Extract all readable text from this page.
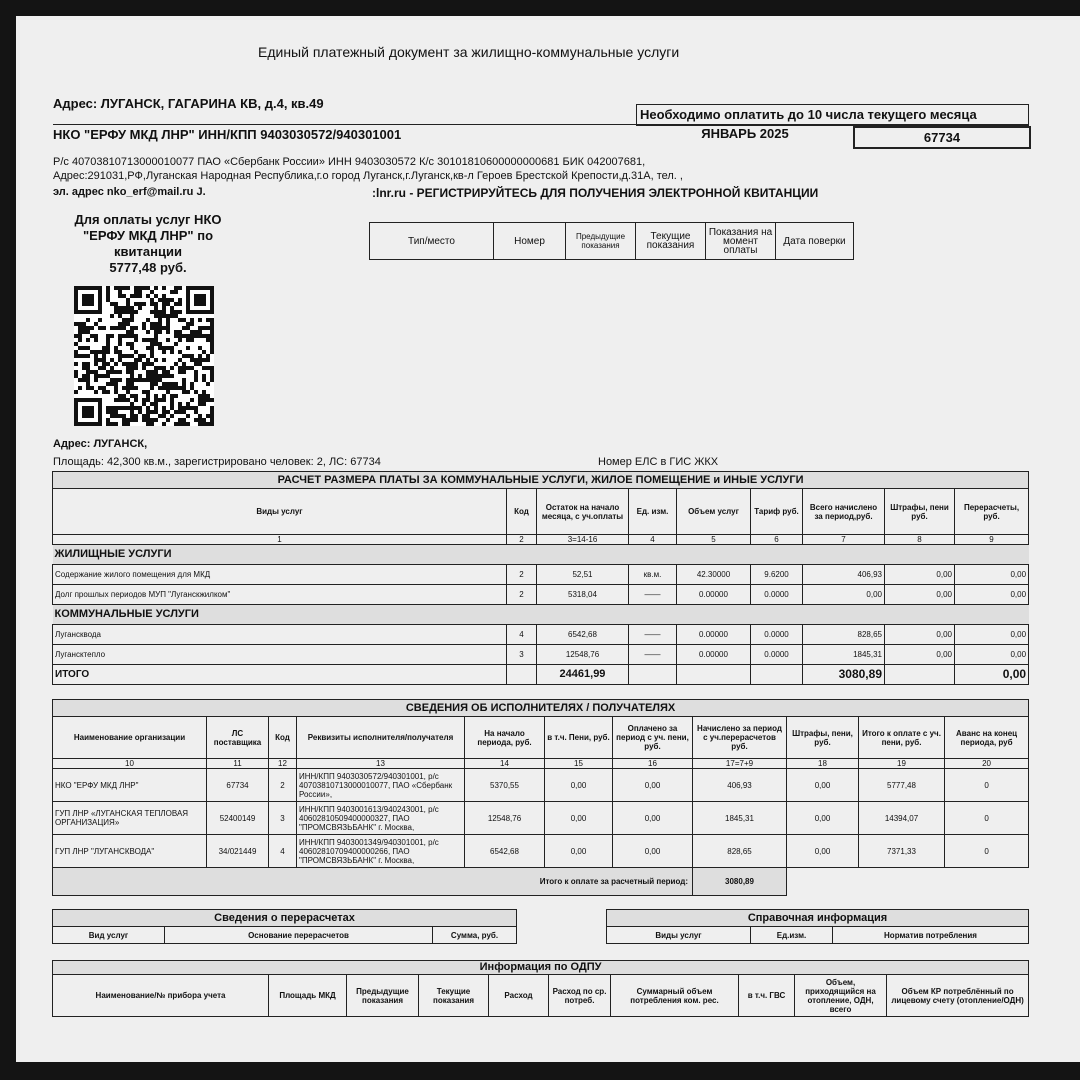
Единый платежный документ за жилищно-коммунальные услуги
Адрес: ЛУГАНСК, ГАГАРИНА КВ, д.4, кв.49
НКО "ЕРФУ МКД ЛНР" ИНН/КПП 9403030572/940301001
Необходимо оплатить до 10 числа текущего месяца
ЯНВАРЬ 2025	67734
Р/с 40703810713000010077 ПАО «Сбербанк России» ИНН 9403030572 К/с 30101810600000000681 БИК 042007681,
Адрес:291031,РФ,Луганская Народная Республика,г.о город Луганск,г.Луганск,кв-л Героев Брестской Крепости,д.31А, тел. ,
эл. адрес nko_erf@mail.ru J.	:lnr.ru - РЕГИСТРИРУЙТЕСЬ ДЛЯ ПОЛУЧЕНИЯ ЭЛЕКТРОННОЙ КВИТАНЦИИ
Для оплаты услуг НКО
"ЕРФУ МКД ЛНР" по
квитанции
5777,48 руб.
Тип/место	Номер	Предыдущие показания	Текущие показания	Показания на момент оплаты	Дата поверки
Адрес: ЛУГАНСК,
Площадь: 42,300 кв.м., зарегистрировано человек: 2, ЛС: 67734	Номер ЕЛС в ГИС ЖКХ
РАСЧЕТ РАЗМЕРА ПЛАТЫ ЗА КОММУНАЛЬНЫЕ УСЛУГИ, ЖИЛОЕ ПОМЕЩЕНИЕ и ИНЫЕ УСЛУГИ								
Виды услуг	Код	Остаток на начало месяца, с уч.оплаты	Ед. изм.	Объем услуг	Тариф руб.	Всего начислено за период,руб.	Штрафы, пени руб.	Перерасчеты, руб.
1	2	3=14-16	4	5	6	7	8	9
ЖИЛИЩНЫЕ УСЛУГИ								
Содержание жилого помещения для МКД	2	52,51	кв.м.	42.30000	9.6200	406,93	0,00	0,00
Долг прошлых периодов МУП "Луганскжилком"	2	5318,04	——	0.00000	0.0000	0,00	0,00	0,00
КОММУНАЛЬНЫЕ УСЛУГИ								
Лугансквода	4	6542,68	——	0.00000	0.0000	828,65	0,00	0,00
Лугансктепло	3	12548,76	——	0.00000	0.0000	1845,31	0,00	0,00
ИТОГО		24461,99				3080,89		0,00
СВЕДЕНИЯ ОБ ИСПОЛНИТЕЛЯХ / ПОЛУЧАТЕЛЯХ										
Наименование организации	ЛС поставщика	Код	Реквизиты исполнителя/получателя	На начало периода, руб.	в т.ч. Пени, руб.	Оплачено за период с уч. пени, руб.	Начислено за период с уч.перерасчетов руб.	Штрафы, пени, руб.	Итого к оплате с уч. пени, руб.	Аванс на конец периода, руб
10	11	12	13	14	15	16	17=7+9	18	19	20
НКО "ЕРФУ МКД ЛНР"	67734	2	ИНН/КПП 9403030572/940301001, р/с 40703810713000010077, ПАО «Сбербанк России»,	5370,55	0,00	0,00	406,93	0,00	5777,48	0
ГУП ЛНР «ЛУГАНСКАЯ ТЕПЛОВАЯ ОРГАНИЗАЦИЯ»	52400149	3	ИНН/КПП 9403001613/940243001, р/с 40602810509400000327, ПАО "ПРОМСВЯЗЬБАНК" г. Москва,	12548,76	0,00	0,00	1845,31	0,00	14394,07	0
ГУП ЛНР "ЛУГАНСКВОДА"	34/021449	4	ИНН/КПП 9403001349/940301001, р/с 40602810709400000266, ПАО "ПРОМСВЯЗЬБАНК" г. Москва,	6542,68	0,00	0,00	828,65	0,00	7371,33	0
Итого к оплате за расчетный период:							3080,89			
Сведения о перерасчетах
Вид услуг	Основание перерасчетов	Сумма, руб.
Справочная информация
Виды услуг	Ед.изм.	Норматив потребления
Информация по ОДПУ
Наименование/№ прибора учета	Площадь МКД	Предыдущие показания	Текущие показания	Расход	Расход по ср. потреб.	Суммарный объем потребления ком. рес.	в т.ч. ГВС	Объем, приходящийся на отопление, ОДН, всего	Объем КР потреблённый по лицевому счету (отопление/ОДН)
